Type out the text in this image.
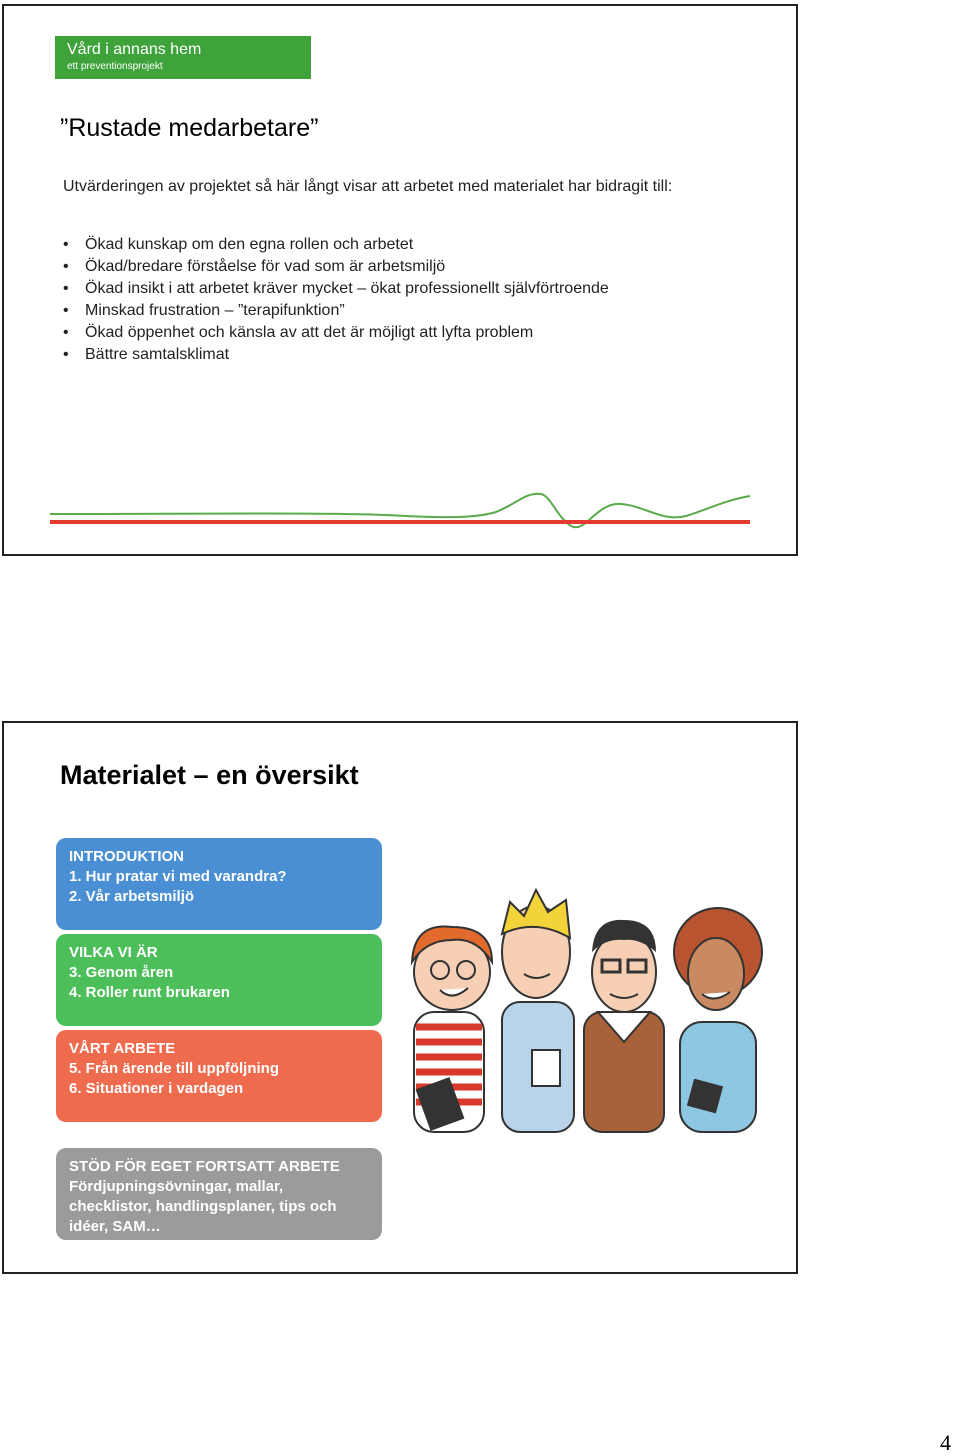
Vård i annans hem
ett preventionsprojekt
”Rustade medarbetare”
Utvärderingen av projektet så här långt visar att arbetet med materialet har bidragit till:
• Ökad kunskap om den egna rollen och arbetet
• Ökad/bredare förståelse för vad som är arbetsmiljö
• Ökad insikt i att arbetet kräver mycket – ökat professionellt självförtroende
• Minskad frustration – ”terapifunktion”
• Ökad öppenhet och känsla av att det är möjligt att lyfta problem
• Bättre samtalsklimat
Materialet – en översikt
INTRODUKTION
1. Hur pratar vi med varandra?
2. Vår arbetsmiljö
VILKA VI ÄR
3. Genom åren
4. Roller runt brukaren
VÅRT ARBETE
5. Från ärende till uppföljning
6. Situationer i vardagen
STÖD FÖR EGET FORTSATT ARBETE
Fördjupningsövningar, mallar, checklistor, handlingsplaner, tips och idéer, SAM…
4
